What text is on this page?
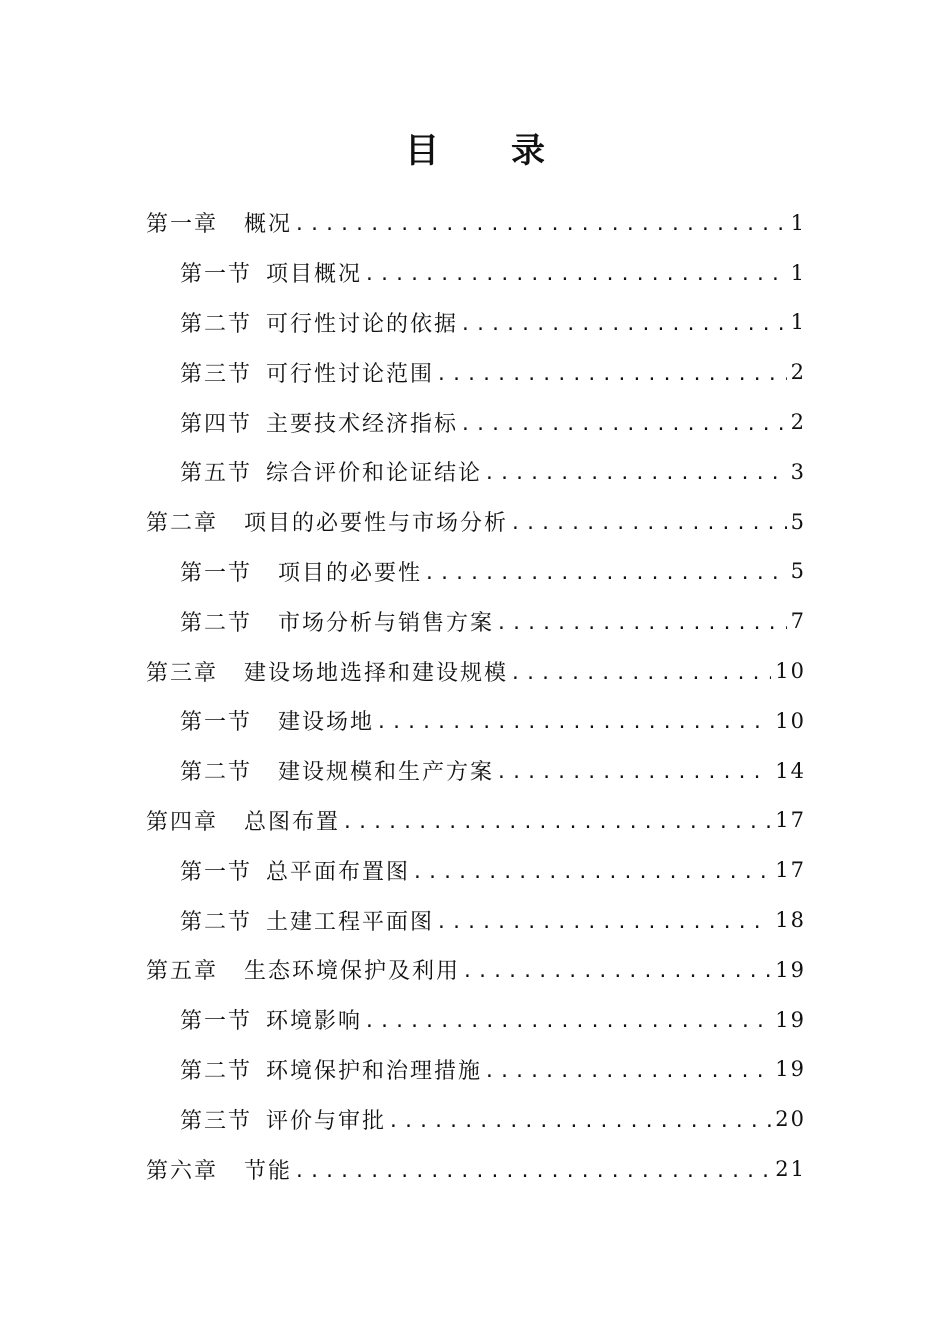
目 录
第一章 概况 .....	1
第一节 项目概况 .....	1
第二节 可行性讨论的依据 .....	1
第三节 可行性讨论范围 .....	2
第四节 主要技术经济指标 .....	2
第五节 综合评价和论证结论 .....	3
第二章 项目的必要性与市场分析 .....	5
第一节 项目的必要性 .....	5
第二节 市场分析与销售方案 .....	7
第三章 建设场地选择和建设规模 .....	10
第一节 建设场地 .....	10
第二节 建设规模和生产方案 .....	14
第四章 总图布置 .....	17
第一节 总平面布置图 .....	17
第二节 土建工程平面图 .....	18
第五章 生态环境保护及利用 .....	19
第一节 环境影响 .....	19
第二节 环境保护和治理措施 .....	19
第三节 评价与审批 .....	20
第六章 节能 .....	21
